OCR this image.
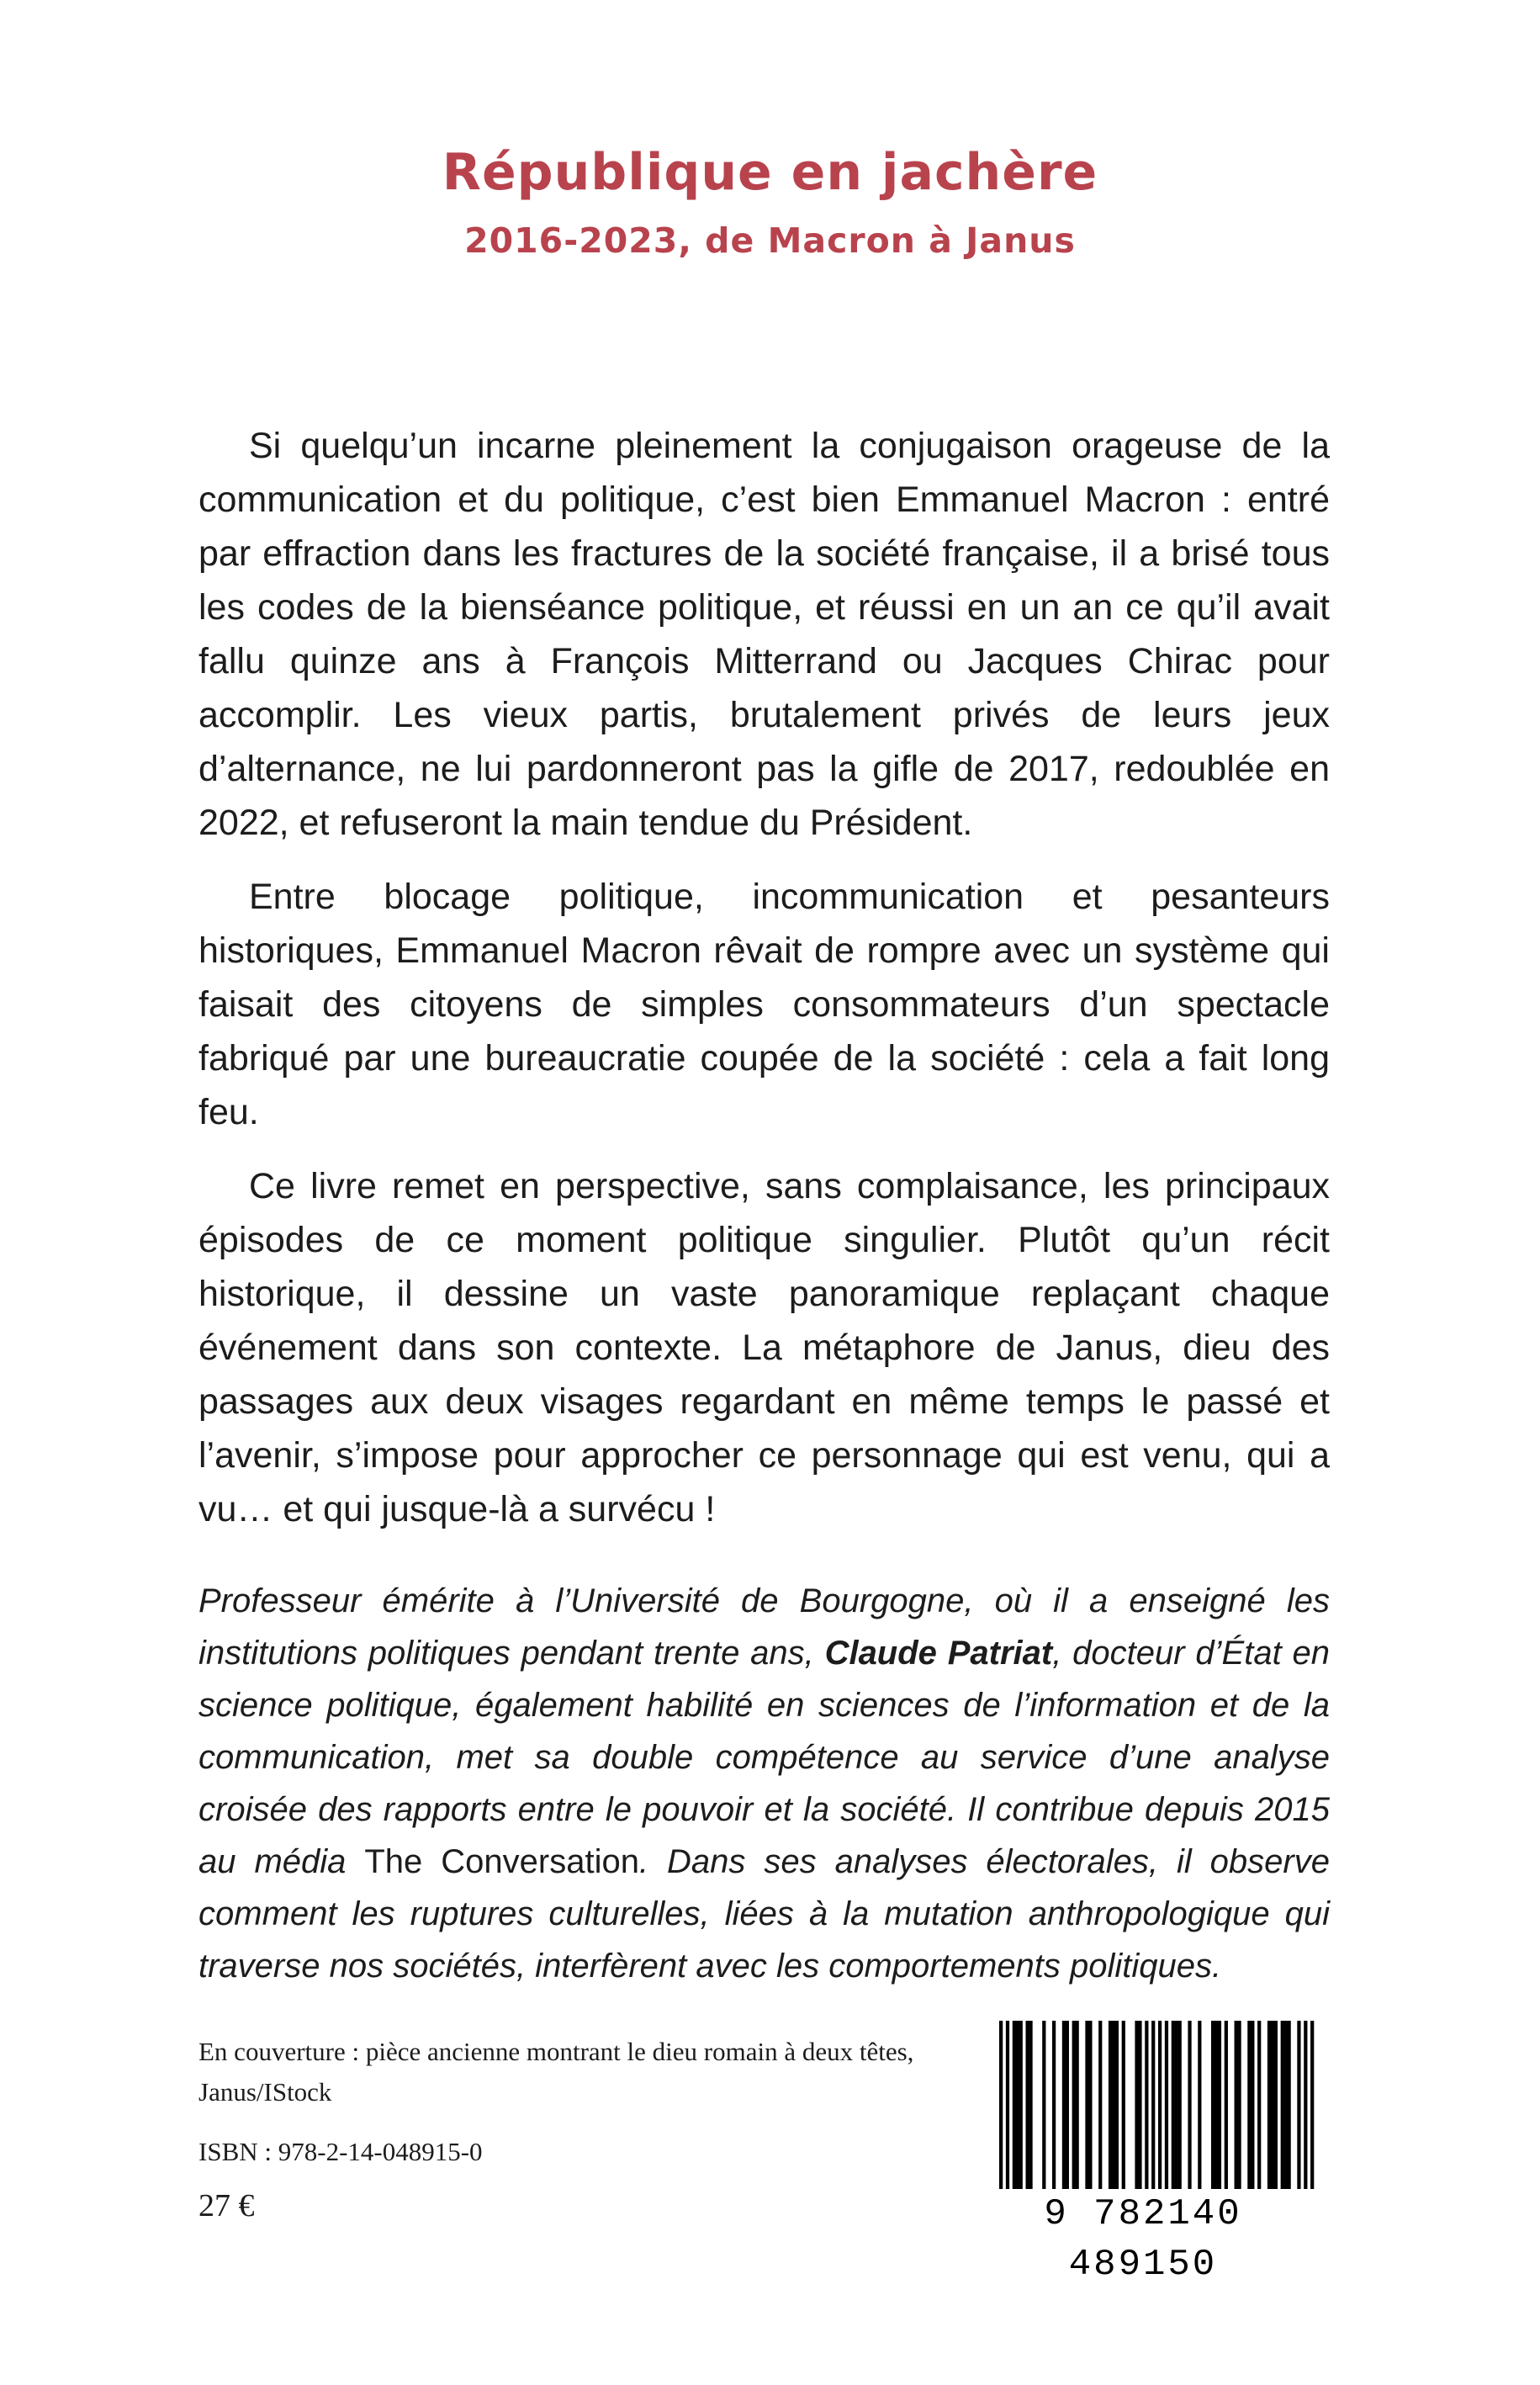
République en jachère
2016-2023, de Macron à Janus

Si quelqu’un incarne pleinement la conjugaison orageuse de la communication et du politique, c’est bien Emmanuel Macron : entré par effraction dans les fractures de la société française, il a brisé tous les codes de la bienséance politique, et réussi en un an ce qu’il avait fallu quinze ans à François Mitterrand ou Jacques Chirac pour accomplir. Les vieux partis, brutalement privés de leurs jeux d’alternance, ne lui pardonneront pas la gifle de 2017, redoublée en 2022, et refuseront la main tendue du Président.

Entre blocage politique, incommunication et pesanteurs historiques, Emmanuel Macron rêvait de rompre avec un système qui faisait des citoyens de simples consommateurs d’un spectacle fabriqué par une bureaucratie coupée de la société : cela a fait long feu.

Ce livre remet en perspective, sans complaisance, les principaux épisodes de ce moment politique singulier. Plutôt qu’un récit historique, il dessine un vaste panoramique replaçant chaque événement dans son contexte. La métaphore de Janus, dieu des passages aux deux visages regardant en même temps le passé et l’avenir, s’impose pour approcher ce personnage qui est venu, qui a vu… et qui jusque-là a survécu !

Professeur émérite à l’Université de Bourgogne, où il a enseigné les institutions politiques pendant trente ans, Claude Patriat, docteur d’État en science politique, également habilité en sciences de l’information et de la communication, met sa double compétence au service d’une analyse croisée des rapports entre le pouvoir et la société. Il contribue depuis 2015 au média The Conversation. Dans ses analyses électorales, il observe comment les ruptures culturelles, liées à la mutation anthropologique qui traverse nos sociétés, interfèrent avec les comportements politiques.

En couverture : pièce ancienne montrant le dieu romain à deux têtes,

Janus/IStock

ISBN : 978-2-14-048915-0

27 €	9 782140 489150
